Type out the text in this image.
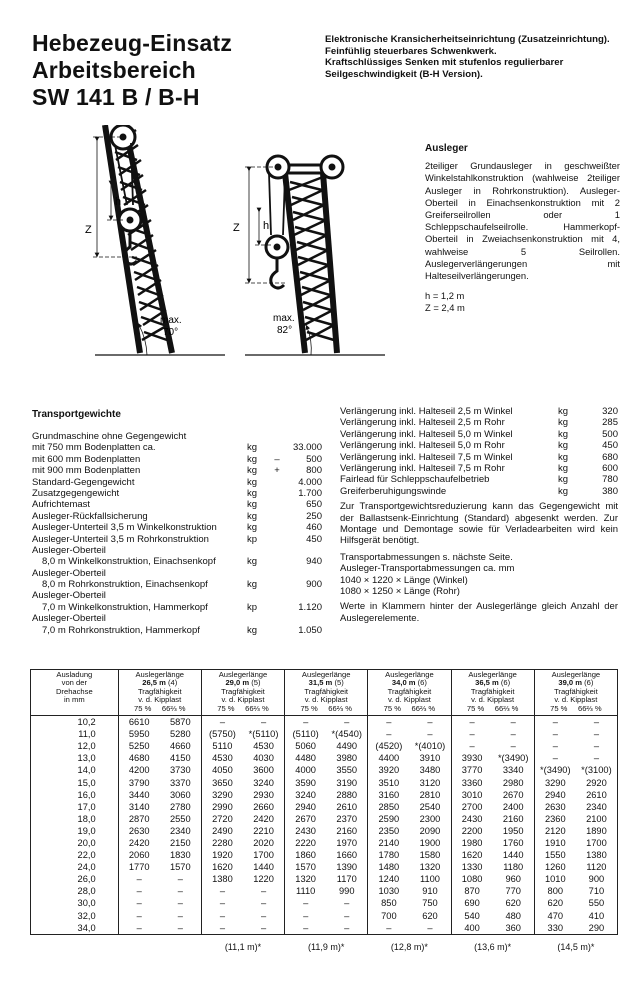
Hebezeug-Einsatz
Arbeitsbereich
SW 141 B / B-H
Elektronische Kransicherheitseinrichtung (Zusatzeinrichtung).
Feinfühlig steuerbares Schwenkwerk.
Kraftschlüssiges Senken mit stufenlos regulierbarer Seilgeschwindigkeit (B-H Version).
Z
h
max.
70°
Z h
max.
82°
Ausleger

2teiliger Grundausleger in geschweißter Winkelstahlkonstruktion (wahlweise 2teiliger Ausleger in Rohrkonstruktion). Ausleger-Oberteil in Einachsenkonstruktion mit 2 Greiferseilrollen oder 1 Schleppschaufelseilrolle. Hammerkopf-Oberteil in Zweiachsenkonstruktion mit 4, wahlweise 5 Seilrollen. Auslegerverlängerungen mit Halteseilverlängerungen.

h = 1,2 m
Z = 2,4 m
Transportgewichte
Grundmaschine ohne Gegengewicht
mit 750 mm Bodenplatten ca.	kg	33.000
mit 600 mm Bodenplatten	kg –	500
mit 900 mm Bodenplatten	kg +	800
Standard-Gegengewicht	kg	4.000
Zusatzgegengewicht	kg	1.700
Aufrichtemast	kg	650
Ausleger-Rückfallsicherung	kg	250
Ausleger-Unterteil 3,5 m Winkelkonstruktion	kg	460
Ausleger-Unterteil 3,5 m Rohrkonstruktion	kp	450
Ausleger-Oberteil
8,0 m Winkelkonstruktion, Einachsenkopf	kg	940
Ausleger-Oberteil
8,0 m Rohrkonstruktion, Einachsenkopf	kg	900
Ausleger-Oberteil
7,0 m Winkelkonstruktion, Hammerkopf	kp	1.120
Ausleger-Oberteil
7,0 m Rohrkonstruktion, Hammerkopf	kg	1.050
Verlängerung inkl. Halteseil 2,5 m Winkel	kg	320
Verlängerung inkl. Halteseil 2,5 m Rohr	kg	285
Verlängerung inkl. Halteseil 5,0 m Winkel	kg	500
Verlängerung inkl. Halteseil 5,0 m Rohr	kg	450
Verlängerung inkl. Halteseil 7,5 m Winkel	kg	680
Verlängerung inkl. Halteseil 7,5 m Rohr	kg	600
Fairlead für Schleppschaufelbetrieb	kg	780
Greiferberuhigungswinde	kg	380

Zur Transportgewichtsreduzierung kann das Gegengewicht mit der Ballastsenk-Einrichtung (Standard) abgesenkt werden. Zur Montage und Demontage sowie für Verladearbeiten wird kein Hilfsgerät benötigt.

Transportabmessungen s. nächste Seite.
Ausleger-Transportabmessungen ca. mm
1040 × 1220 × Länge (Winkel)
1080 × 1250 × Länge (Rohr)

Werte in Klammern hinter der Auslegerlänge gleich Anzahl der Auslegerelemente.

Ausladung
von der
Drehachse
in mm	Auslegerlänge
26,5 m (4)
Tragfähigkeit
v. d. Kipplast
75 %     66⅔ %		Auslegerlänge
29,0 m (5)
Tragfähigkeit
v. d. Kipplast
75 %     66⅔ %		Auslegerlänge
31,5 m (5)
Tragfähigkeit
v. d. Kipplast
75 %     66⅔ %		Auslegerlänge
34,0 m (6)
Tragfähigkeit
v. d. Kipplast
75 %     66⅔ %		Auslegerlänge
36,5 m (6)
Tragfähigkeit
v. d. Kipplast
75 %     66⅔ %		Auslegerlänge
39,0 m (6)
Tragfähigkeit
v. d. Kipplast
75 %     66⅔ %	
10,2	6610	5870	–	–	–	–	–	–	–	–	–	–
11,0	5950	5280	(5750)	*(5110)	(5110)	*(4540)	–	–	–	–	–	–
12,0	5250	4660	5110	4530	5060	4490	(4520)	*(4010)	–	–	–	–
13,0	4680	4150	4530	4030	4480	3980	4400	3910	3930	*(3490)	–	–
14,0	4200	3730	4050	3600	4000	3550	3920	3480	3770	3340	*(3490)	*(3100)
15,0	3790	3370	3650	3240	3590	3190	3510	3120	3360	2980	3290	2920
16,0	3440	3060	3290	2930	3240	2880	3160	2810	3010	2670	2940	2610
17,0	3140	2780	2990	2660	2940	2610	2850	2540	2700	2400	2630	2340
18,0	2870	2550	2720	2420	2670	2370	2590	2300	2430	2160	2360	2100
19,0	2630	2340	2490	2210	2430	2160	2350	2090	2200	1950	2120	1890
20,0	2420	2150	2280	2020	2220	1970	2140	1900	1980	1760	1910	1700
22,0	2060	1830	1920	1700	1860	1660	1780	1580	1620	1440	1550	1380
24,0	1770	1570	1620	1440	1570	1390	1480	1320	1330	1180	1260	1120
26,0	–	–	1380	1220	1320	1170	1240	1100	1080	960	1010	900
28,0	–	–	–	–	1110	990	1030	910	870	770	800	710
30,0	–	–	–	–	–	–	850	750	690	620	620	550
32,0	–	–	–	–	–	–	700	620	540	480	470	410
34,0	–	–	–	–	–	–	–	–	400	360	330	290
			(11,1 m)*		(11,9 m)*		(12,8 m)*		(13,6 m)*		(14,5 m)*	
